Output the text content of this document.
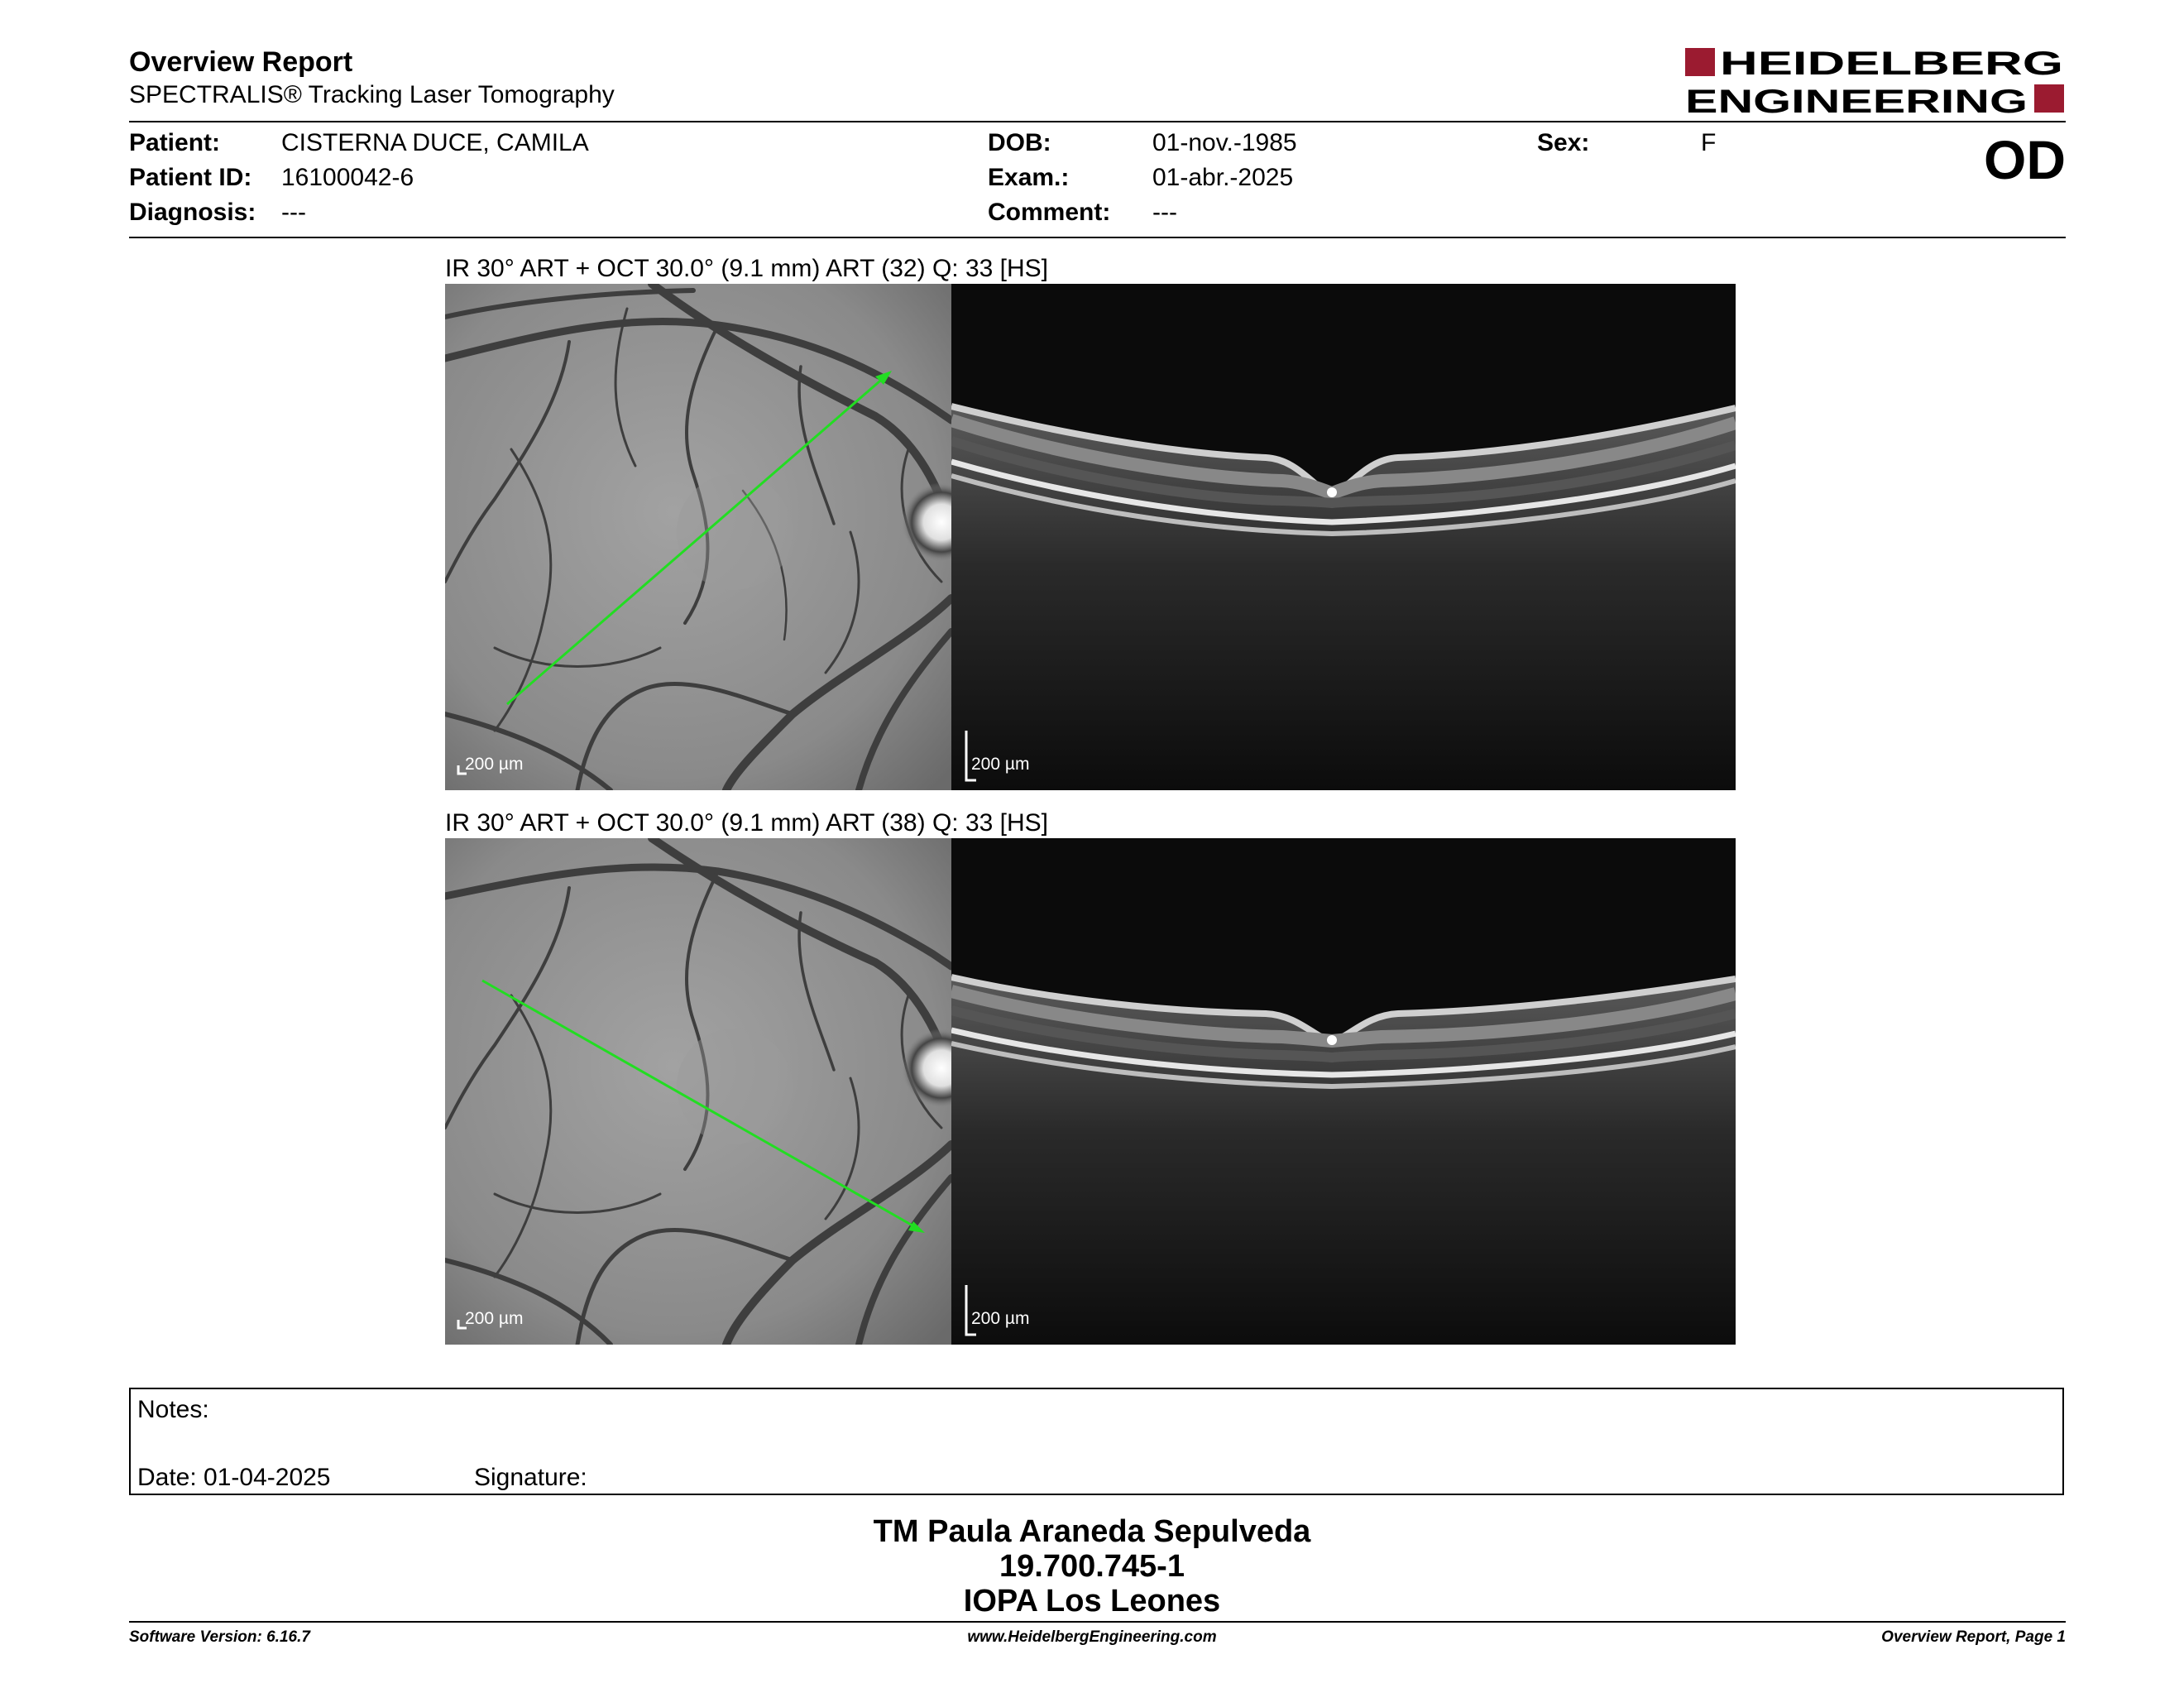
Overview Report
SPECTRALIS® Tracking Laser Tomography
HEIDELBERG
ENGINEERING
Patient: CISTERNA DUCE, CAMILA
Patient ID: 16100042-6
Diagnosis: ---
DOB:	01-nov.-1985
Exam.:	01-abr.-2025
Comment: ---
Sex:	F	OD
IR 30° ART + OCT 30.0° (9.1 mm) ART (32) Q: 33 [HS]
200 µm	200 µm
IR 30° ART + OCT 30.0° (9.1 mm) ART (38) Q: 33 [HS]
200 µm	200 µm
Notes:
Date: 01-04-2025	Signature:
TM Paula Araneda Sepulveda
19.700.745-1
IOPA Los Leones
Software Version: 6.16.7	www.HeidelbergEngineering.com	Overview Report, Page 1
